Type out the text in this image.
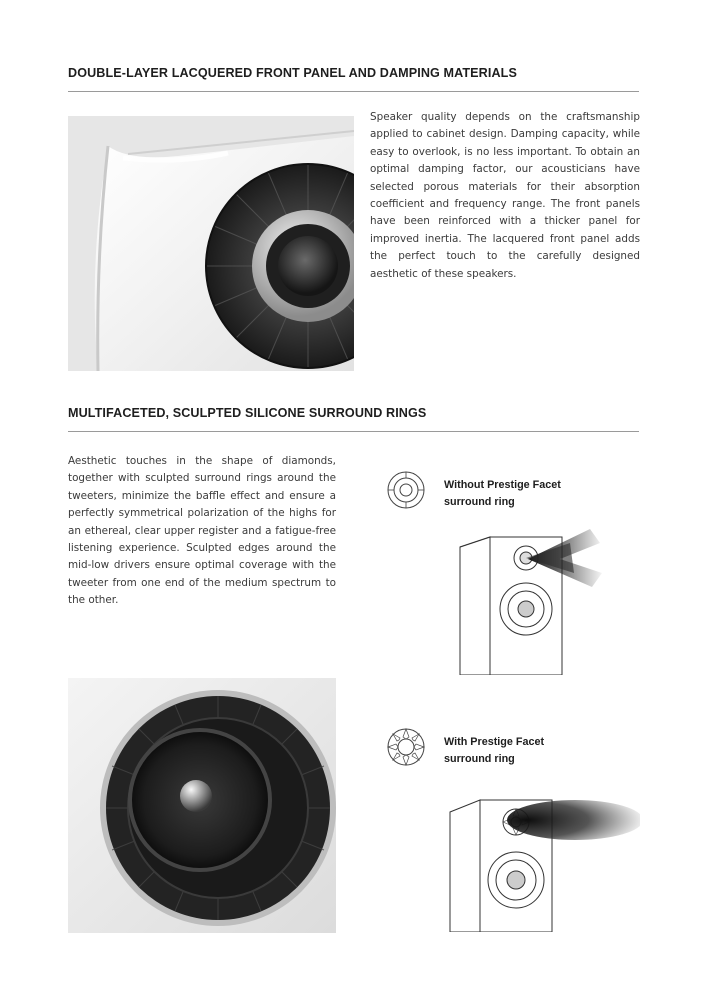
DOUBLE-LAYER LACQUERED FRONT PANEL AND DAMPING MATERIALS

Speaker quality depends on the craftsmanship applied to cabinet design. Damping capacity, while easy to overlook, is no less important. To obtain an optimal damping factor, our acousticians have selected porous materials for their absorption coefficient and frequency range. The front panels have been reinforced with a thicker panel for improved inertia. The lacquered front panel adds the perfect touch to the carefully designed aesthetic of these speakers.

MULTIFACETED, SCULPTED SILICONE SURROUND RINGS

Aesthetic touches in the shape of diamonds, together with sculpted surround rings around the tweeters, minimize the baffle effect and ensure a perfectly symmetrical polarization of the highs for an ethereal, clear upper register and a fatigue-free listening experience. Sculpted edges around the mid-low drivers ensure optimal coverage with the tweeter from one end of the medium spectrum to the other.

Without Prestige Facet
surround ring
With Prestige Facet
surround ring
